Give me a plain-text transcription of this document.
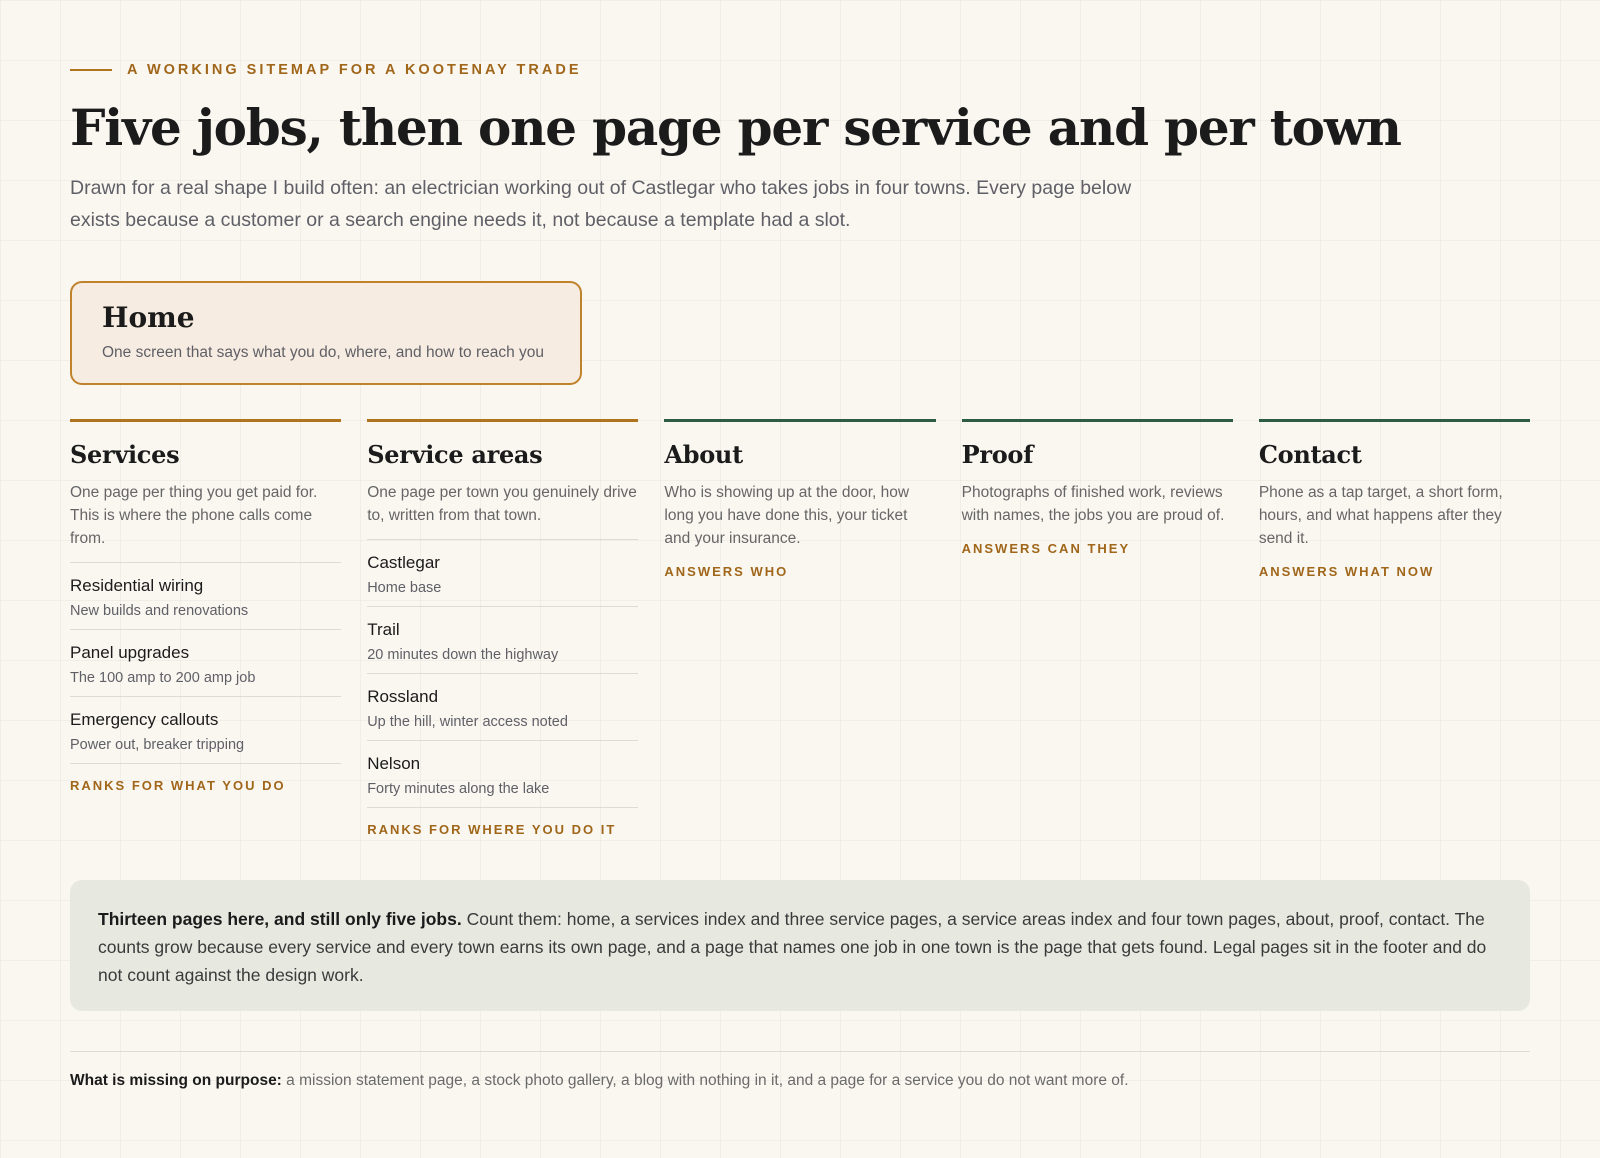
A WORKING SITEMAP FOR A KOOTENAY TRADE
Five jobs, then one page per service and per town

Drawn for a real shape I build often: an electrician working out of Castlegar who takes jobs in four towns. Every page below exists because a customer or a search engine needs it, not because a template had a slot.

Home
One screen that says what you do, where, and how to reach you
Services
One page per thing you get paid for. This is where the phone calls come from.
Residential wiring
New builds and renovations
Panel upgrades
The 100 amp to 200 amp job
Emergency callouts
Power out, breaker tripping
RANKS FOR WHAT YOU DO
Service areas
One page per town you genuinely drive to, written from that town.
Castlegar
Home base
Trail
20 minutes down the highway
Rossland
Up the hill, winter access noted
Nelson
Forty minutes along the lake
RANKS FOR WHERE YOU DO IT
About
Who is showing up at the door, how long you have done this, your ticket and your insurance.
ANSWERS WHO
Proof
Photographs of finished work, reviews with names, the jobs you are proud of.
ANSWERS CAN THEY
Contact
Phone as a tap target, a short form, hours, and what happens after they send it.
ANSWERS WHAT NOW
Thirteen pages here, and still only five jobs. Count them: home, a services index and three service pages, a service areas index and four town pages, about, proof, contact. The counts grow because every service and every town earns its own page, and a page that names one job in one town is the page that gets found. Legal pages sit in the footer and do not count against the design work.
What is missing on purpose: a mission statement page, a stock photo gallery, a blog with nothing in it, and a page for a service you do not want more of.
